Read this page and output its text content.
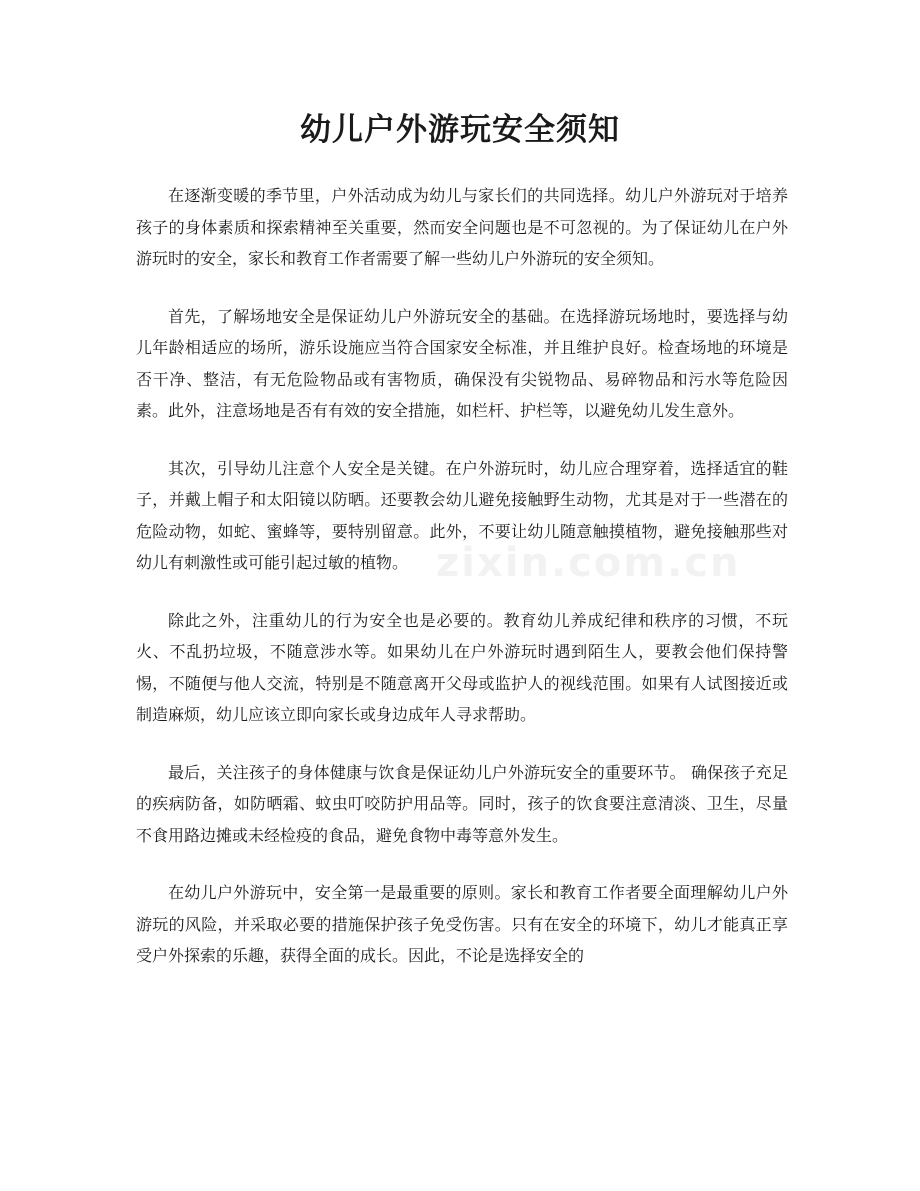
幼儿户外游玩安全须知

在逐渐变暖的季节里，户外活动成为幼儿与家长们的共同选择。幼儿户外游玩对于培养孩子的身体素质和探索精神至关重要，然而安全问题也是不可忽视的。为了保证幼儿在户外游玩时的安全，家长和教育工作者需要了解一些幼儿户外游玩的安全须知。

首先，了解场地安全是保证幼儿户外游玩安全的基础。在选择游玩场地时，要选择与幼儿年龄相适应的场所，游乐设施应当符合国家安全标准，并且维护良好。检查场地的环境是否干净、整洁，有无危险物品或有害物质，确保没有尖锐物品、易碎物品和污水等危险因素。此外，注意场地是否有有效的安全措施，如栏杆、护栏等，以避免幼儿发生意外。

其次，引导幼儿注意个人安全是关键。在户外游玩时，幼儿应合理穿着，选择适宜的鞋子，并戴上帽子和太阳镜以防晒。还要教会幼儿避免接触野生动物，尤其是对于一些潜在的危险动物，如蛇、蜜蜂等，要特别留意。此外，不要让幼儿随意触摸植物，避免接触那些对幼儿有刺激性或可能引起过敏的植物。

除此之外，注重幼儿的行为安全也是必要的。教育幼儿养成纪律和秩序的习惯，不玩火、不乱扔垃圾，不随意涉水等。如果幼儿在户外游玩时遇到陌生人，要教会他们保持警惕，不随便与他人交流，特别是不随意离开父母或监护人的视线范围。如果有人试图接近或制造麻烦，幼儿应该立即向家长或身边成年人寻求帮助。

最后，关注孩子的身体健康与饮食是保证幼儿户外游玩安全的重要环节。 确保孩子充足的疾病防备，如防晒霜、蚊虫叮咬防护用品等。同时，孩子的饮食要注意清淡、卫生，尽量不食用路边摊或未经检疫的食品，避免食物中毒等意外发生。

在幼儿户外游玩中，安全第一是最重要的原则。家长和教育工作者要全面理解幼儿户外游玩的风险，并采取必要的措施保护孩子免受伤害。只有在安全的环境下，幼儿才能真正享受户外探索的乐趣，获得全面的成长。因此，不论是选择安全的

zixin.com.cn
